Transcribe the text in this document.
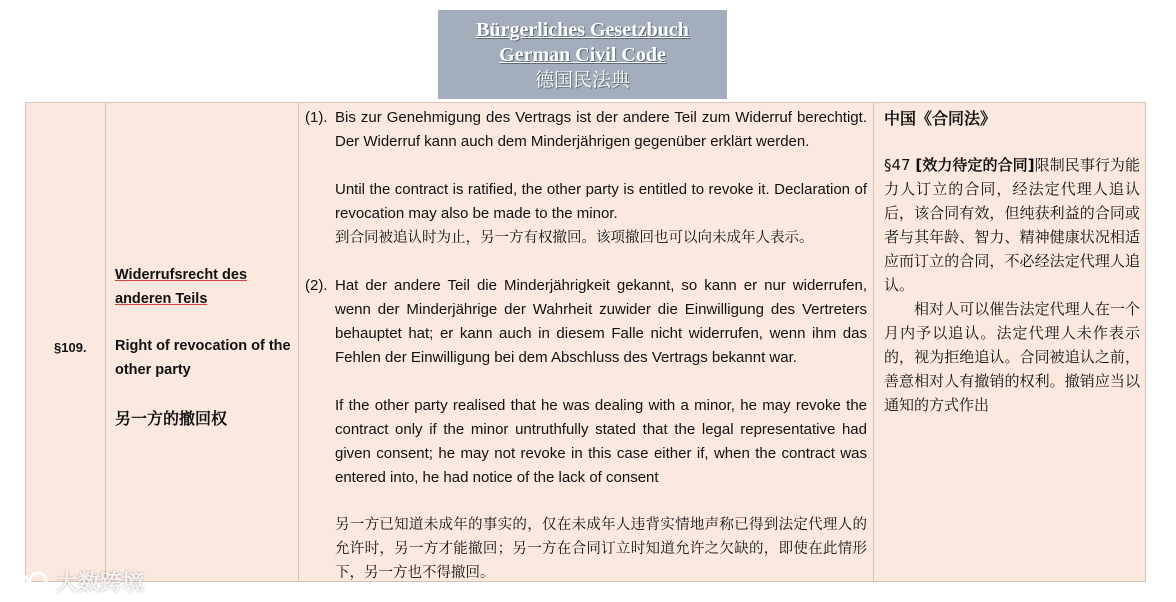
Bürgerliches Gesetzbuch
German Civil Code
德国民法典
§109.
Widerrufsrecht des anderen Teils
Right of revocation of the other party
另一方的撤回权
(1). Bis zur Genehmigung des Vertrags ist der andere Teil zum Widerruf berechtigt. Der Widerruf kann auch dem Minderjährigen gegenüber erklärt werden.
Until the contract is ratified, the other party is entitled to revoke it. Declaration of revocation may also be made to the minor.
到合同被追认时为止，另一方有权撤回。该项撤回也可以向未成年人表示。
(2). Hat der andere Teil die Minderjährigkeit gekannt, so kann er nur widerrufen, wenn der Minderjährige der Wahrheit zuwider die Einwilligung des Vertreters behauptet hat; er kann auch in diesem Falle nicht widerrufen, wenn ihm das Fehlen der Einwilligung bei dem Abschluss des Vertrags bekannt war.
If the other party realised that he was dealing with a minor, he may revoke the contract only if the minor untruthfully stated that the legal representative had given consent; he may not revoke in this case either if, when the contract was entered into, he had notice of the lack of consent
另一方已知道未成年的事实的，仅在未成年人违背实情地声称已得到法定代理人的允许时，另一方才能撤回；另一方在合同订立时知道允许之欠缺的，即使在此情形下，另一方也不得撤回。
中国《合同法》
§47 [效力待定的合同]限制民事行为能力人订立的合同，经法定代理人追认后，该合同有效，但纯获利益的合同或者与其年龄、智力、精神健康状况相适应而订立的合同，不必经法定代理人追认。
相对人可以催告法定代理人在一个月内予以追认。法定代理人未作表示的，视为拒绝追认。合同被追认之前，善意相对人有撤销的权利。撤销应当以通知的方式作出
大数跨境
